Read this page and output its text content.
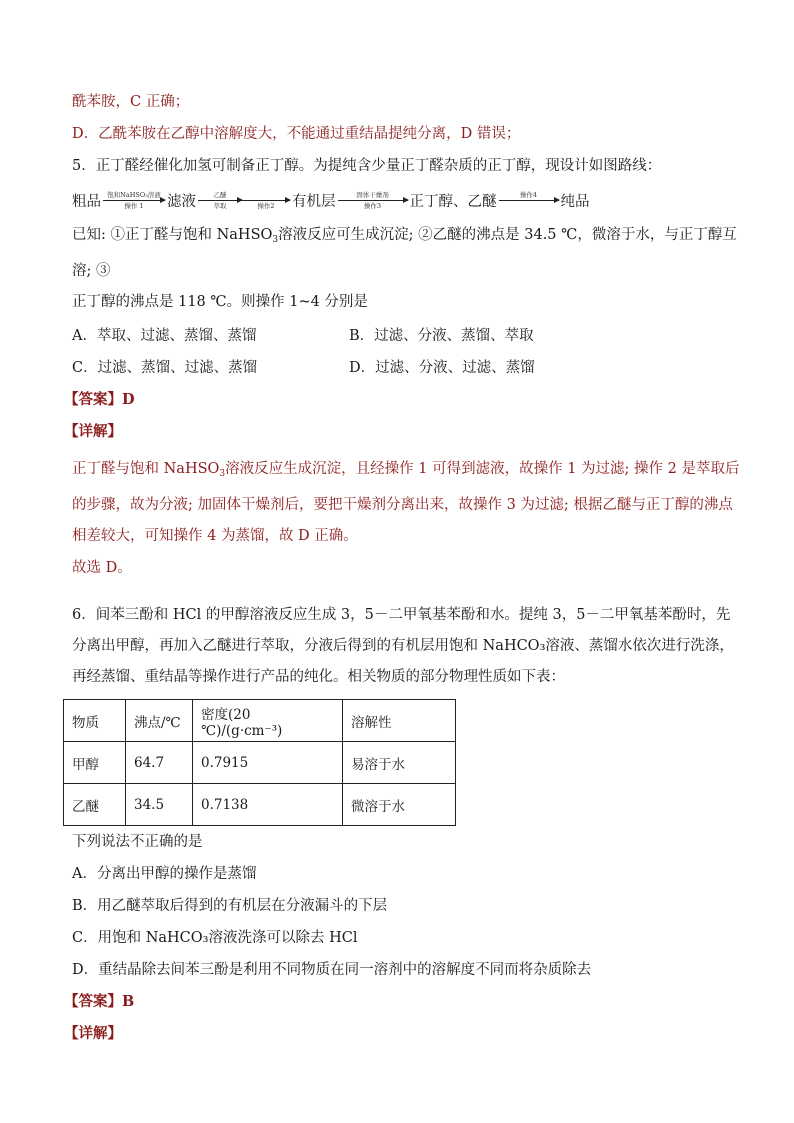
酰苯胺，C 正确；

D．乙酰苯胺在乙醇中溶解度大，不能通过重结晶提纯分离，D 错误；

5．正丁醛经催化加氢可制备正丁醇。为提纯含少量正丁醛杂质的正丁醇，现设计如图路线：

粗品 饱和NaHSO₃溶液
操作 1 滤液	乙醚
萃取	操作2 有机层	固体干燥剂
操作3 正丁醇、乙醚	操作4 纯品

已知: ①正丁醛与饱和 NaHSO$_3$溶液反应可生成沉淀; ②乙醚的沸点是 34.5 ℃，微溶于水，与正丁醇互溶; ③
正丁醇的沸点是 118 ℃。则操作 1~4 分别是

A．萃取、过滤、蒸馏、蒸馏	B．过滤、分液、蒸馏、萃取
C．过滤、蒸馏、过滤、蒸馏	D．过滤、分液、过滤、蒸馏

【答案】D

【详解】

正丁醛与饱和 NaHSO$_3$溶液反应生成沉淀，且经操作 1 可得到滤液，故操作 1 为过滤; 操作 2 是萃取后的步骤，故为分液; 加固体干燥剂后，要把干燥剂分离出来，故操作 3 为过滤; 根据乙醚与正丁醇的沸点相差较大，可知操作 4 为蒸馏，故 D 正确。

故选 D。

6．间苯三酚和 HCl 的甲醇溶液反应生成 3，5－二甲氧基苯酚和水。提纯 3，5－二甲氧基苯酚时，先分离出甲醇，再加入乙醚进行萃取，分液后得到的有机层用饱和 NaHCO₃溶液、蒸馏水依次进行洗涤，再经蒸馏、重结晶等操作进行产品的纯化。相关物质的部分物理性质如下表：

物质	沸点/℃	密度(20 ℃)/(g·cm⁻³)	溶解性
甲醇	64.7	0.7915	易溶于水
乙醚	34.5	0.7138	微溶于水

下列说法不正确的是

A．分离出甲醇的操作是蒸馏

B．用乙醚萃取后得到的有机层在分液漏斗的下层

C．用饱和 NaHCO₃溶液洗涤可以除去 HCl

D．重结晶除去间苯三酚是利用不同物质在同一溶剂中的溶解度不同而将杂质除去

【答案】B

【详解】
